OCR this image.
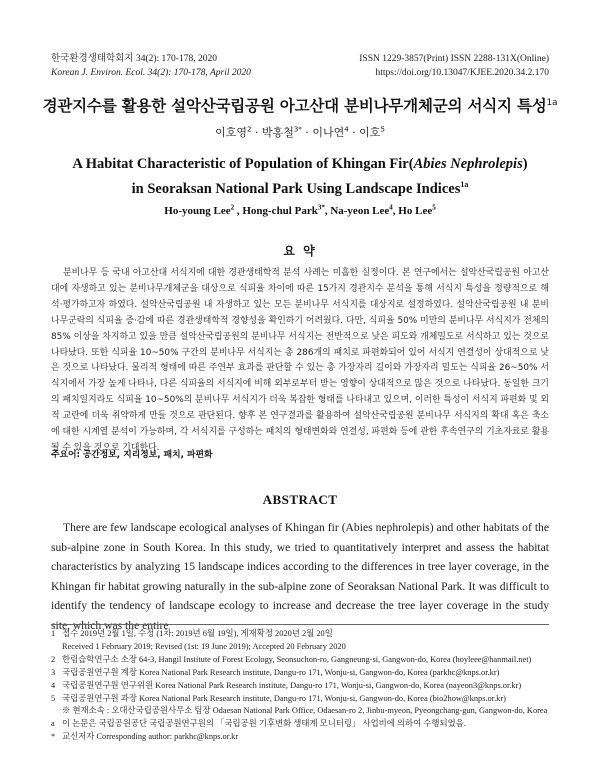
한국환경생태학회지 34(2): 170-178, 2020
Korean J. Environ. Ecol. 34(2): 170-178, April 2020
ISSN 1229-3857(Print) ISSN 2288-131X(Online)
https://doi.org/10.13047/KJEE.2020.34.2.170
경관지수를 활용한 설악산국립공원 아고산대 분비나무개체군의 서식지 특성$^{1a}$
이호영$^2$ · 박홍철$^{3*}$ · 이나연$^4$ · 이호$^5$
A Habitat Characteristic of Population of Khingan Fir(Abies Nephrolepis)
in Seoraksan National Park Using Landscape Indices$^{1a}$
Ho-young Lee$^2$ , Hong-chul Park$^{3*}$, Na-yeon Lee$^4$, Ho Lee$^5$
요 약
분비나무 등 국내 아고산대 서식지에 대한 경관생태학적 분석 사례는 미흡한 실정이다. 본 연구에서는 설악산국립공원 아고산대에 자생하고 있는 분비나무개체군을 대상으로 식피율 차이에 따른 15가지 경관지수 분석을 통해 서식지 특성을 정량적으로 해석·평가하고자 하였다. 설악산국립공원 내 자생하고 있는 모든 분비나무 서식지를 대상지로 설정하였다. 설악산국립공원 내 분비나무군락의 식피율 증·감에 따른 경관생태학적 경향성을 확인하기 어려웠다. 다만, 식피율 50% 미만의 분비나무 서식지가 전체의 85% 이상을 차지하고 있을 만큼 설악산국립공원의 분비나무 서식지는 전반적으로 낮은 피도와 개체밀도로 서식하고 있는 것으로 나타났다. 또한 식피율 10~50% 구간의 분비나무 서식지는 총 286개의 패치로 파편화되어 있어 서식지 연결성이 상대적으로 낮은 것으로 나타났다. 물리적 형태에 따른 주연부 효과를 판단할 수 있는 총 가장자리 길이와 가장자리 밀도는 식피율 26~50% 서식지에서 가장 높게 나타나, 다른 식피율의 서식지에 비해 외부로부터 받는 영향이 상대적으로 많은 것으로 나타났다. 동일한 크기의 패치일지라도 식피율 10~50%의 분비나무 서식지가 더욱 복잡한 형태를 나타내고 있으며, 이러한 특성이 서식지 파편화 및 외적 교란에 더욱 취약하게 만들 것으로 판단된다. 향후 본 연구결과를 활용하여 설악산국립공원 분비나무 서식지의 확대 혹은 축소에 대한 시계열 분석이 가능하며, 각 서식지를 구성하는 패치의 형태변화와 연결성, 파편화 등에 관한 후속연구의 기초자료로 활용될 수 있을 것으로 기대한다.
주요어: 공간정보, 지리정보, 패치, 파편화
ABSTRACT
There are few landscape ecological analyses of Khingan fir (Abies nephrolepis) and other habitats of the sub-alpine zone in South Korea. In this study, we tried to quantitatively interpret and assess the habitat characteristics by analyzing 15 landscape indices according to the differences in tree layer coverage, in the Khingan fir habitat growing naturally in the sub-alpine zone of Seoraksan National Park. It was difficult to identify the tendency of landscape ecology to increase and decrease the tree layer coverage in the study site, which was the entire
1 접수 2019년 2월 1일, 수정 (1차: 2019년 6월 19일), 게재확정 2020년 2월 20일
Received 1 February 2019; Revised (1st: 19 June 2019); Accepted 20 February 2020
2 한림습학연구소 소장 64-3, Hangil Institute of Forest Ecology, Seonsuchon-ro, Gangneung-si, Gangwon-do, Korea (hoyleee@hanmail.net)
3 국립공원연구원 계장 Korea National Park Research institute, Dangu-ro 171, Wonju-si, Gangwon-do, Korea (parkhc@knps.or.kr)
4 국립공원연구원 연구위원 Korea National Park Research institute, Dangu-ro 171, Wonju-si, Gangwon-do, Korea (nayeon3@knps.or.kr)
5 국립공원연구원 과장 Korea National Park Research institute, Dangu-ro 171, Wonju-si, Gangwon-do, Korea (bio2how@knps.or.kr)
※ 현재소속 : 오대산국립공원사무소 팀장 Odaesan National Park Office, Odaesan-ro 2, Jinbu-myeon, Pyeongchang-gun, Gangwon-do, Korea
a 이 논문은 국립공원공단 국립공원연구원의 「국립공원 기후변화 생태계 모니터링」 사업비에 의하여 수행되었음.
* 교신저자 Corresponding author: parkhc@knps.or.kr
